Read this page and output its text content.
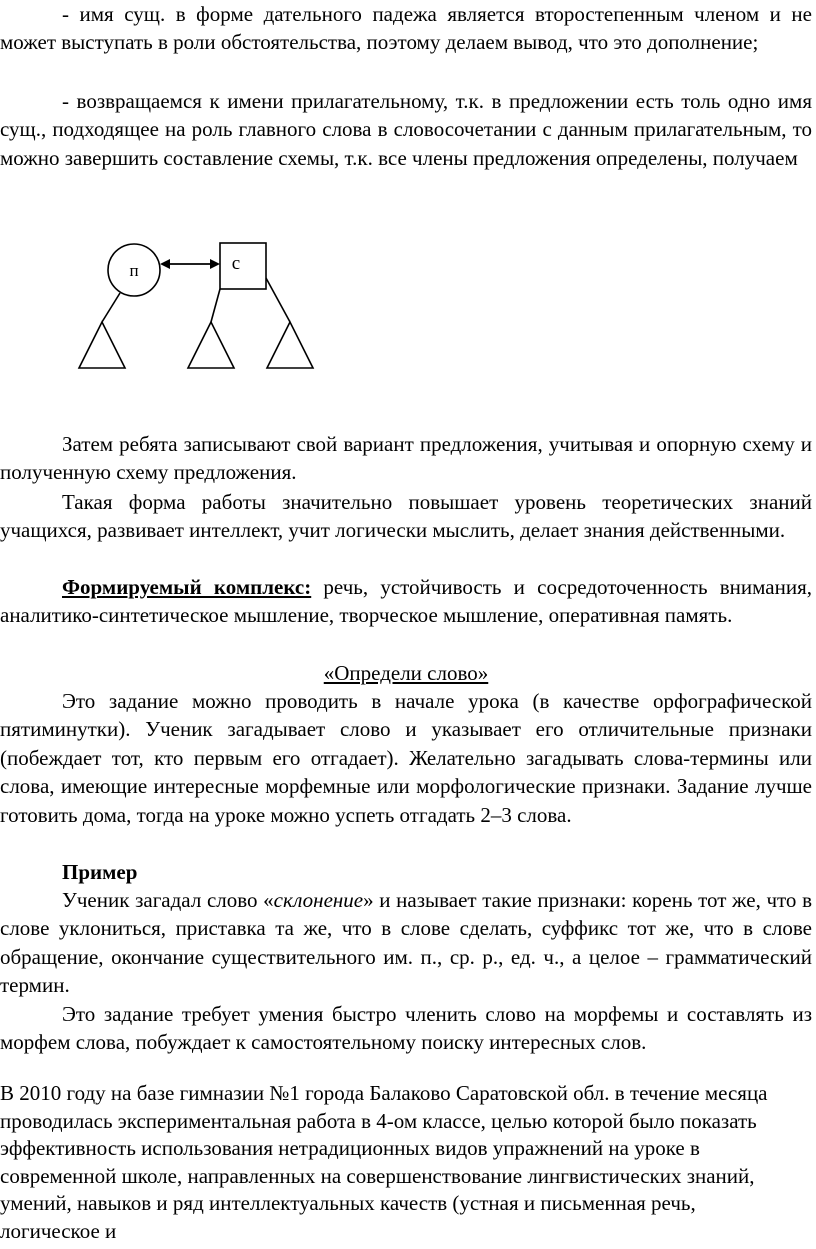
- имя сущ. в форме дательного падежа является второстепенным членом и не может выступать в роли обстоятельства, поэтому делаем вывод, что это дополнение;

- возвращаемся к имени прилагательному, т.к. в предложении есть толь одно имя сущ., подходящее на роль главного слова в словосочетании с данным прилагательным, то можно завершить составление схемы, т.к. все члены предложения определены, получаем

п	с

Затем ребята записывают свой вариант предложения, учитывая и опорную схему и полученную схему предложения.

Такая форма работы значительно повышает уровень теоретических знаний учащихся, развивает интеллект, учит логически мыслить, делает знания действенными.

Формируемый комплекс: речь, устойчивость и сосредоточенность внимания, аналитико-синтетическое мышление, творческое мышление, оперативная память.

«Определи слово»

Это задание можно проводить в начале урока (в качестве орфографической пятиминутки). Ученик загадывает слово и указывает его отличительные признаки (побеждает тот, кто первым его отгадает). Желательно загадывать слова-термины или слова, имеющие интересные морфемные или морфологические признаки. Задание лучше готовить дома, тогда на уроке можно успеть отгадать 2–3 слова.

Пример

Ученик загадал слово «склонение» и называет такие признаки: корень тот же, что в слове уклониться, приставка та же, что в слове сделать, суффикс тот же, что в слове обращение, окончание существительного им. п., ср. р., ед. ч., а целое – грамматический термин.

Это задание требует умения быстро членить слово на морфемы и составлять из морфем слова, побуждает к самостоятельному поиску интересных слов.

В 2010 году на базе гимназии №1 города Балаково Саратовской обл. в течение месяца проводилась экспериментальная работа в 4-ом классе, целью которой было показать эффективность использования нетрадиционных видов упражнений на уроке в современной школе, направленных на совершенствование лингвистических знаний, умений, навыков и ряд интеллектуальных качеств (устная и письменная речь, логическое и
